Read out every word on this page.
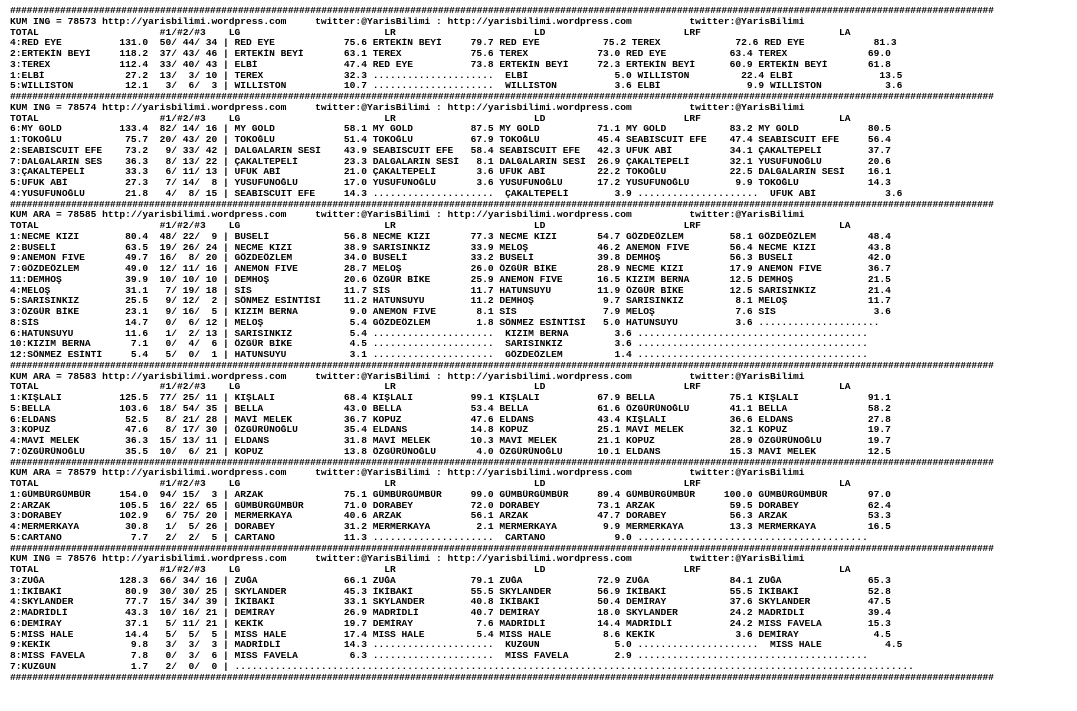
#################################################################################################################################################################################
KUM ING = 78573 http://yarisbilimi.wordpress.com     twitter:@YarisBilimi : http://yarisbilimi.wordpress.com          twitter:@YarisBilimi
TOTAL                     #1/#2/#3    LG                         LR                        LD                        LRF                        LA
4:RED EYE          131.0  50/ 44/ 34 | RED EYE            75.6 ERTEKİN BEYİ     79.7 RED EYE           75.2 TEREX             72.6 RED EYE            81.3
2:ERTEKİN BEYİ     118.2  37/ 43/ 46 | ERTEKİN BEYİ       63.1 TEREX            75.6 TEREX            73.0 RED EYE           63.4 TEREX              69.0
3:TEREX            112.4  33/ 40/ 43 | ELBİ               47.4 RED EYE          73.8 ERTEKİN BEYİ     72.3 ERTEKİN BEYİ      60.9 ERTEKİN BEYİ       61.8
1:ELBİ              27.2  13/  3/ 10 | TEREX              32.3 .....................  ELBİ               5.0 WILLISTON         22.4 ELBİ               13.5
5:WILLISTON         12.1   3/  6/  3 | WILLISTON          10.7 .....................  WILLISTON          3.6 ELBİ               9.9 WILLISTON           3.6
#################################################################################################################################################################################
KUM ING = 78574 http://yarisbilimi.wordpress.com     twitter:@YarisBilimi : http://yarisbilimi.wordpress.com          twitter:@YarisBilimi
TOTAL                     #1/#2/#3    LG                         LR                        LD                        LRF                        LA
6:MY GOLD          133.4  82/ 14/ 16 | MY GOLD            58.1 MY GOLD          87.5 MY GOLD          71.1 MY GOLD           83.2 MY GOLD            80.5
1:TOKOĞLU           75.7  20/ 43/ 20 | TOKOĞLU            51.4 TOKOĞLU          67.9 TOKOĞLU          45.4 SEABISCUIT EFE    47.4 SEABISCUIT EFE     56.4
2:SEABISCUIT EFE    73.2   9/ 33/ 42 | DALGALARIN SESİ    43.9 SEABISCUIT EFE   58.4 SEABISCUIT EFE   42.3 UFUK ABİ          34.1 ÇAKALTEPELİ        37.7
7:DALGALARIN SES    36.3   8/ 13/ 22 | ÇAKALTEPELİ        23.3 DALGALARIN SESİ   8.1 DALGALARIN SESİ  26.9 ÇAKALTEPELİ       32.1 YUSUFUNOĞLU        20.6
3:ÇAKALTEPELİ       33.3   6/ 11/ 13 | UFUK ABİ           21.0 ÇAKALTEPELİ       3.6 UFUK ABİ         22.2 TOKOĞLU           22.5 DALGALARIN SESİ    16.1
5:UFUK ABİ          27.3   7/ 14/  8 | YUSUFUNOĞLU        17.0 YUSUFUNOĞLU       3.6 YUSUFUNOĞLU      17.2 YUSUFUNOĞLU        9.9 TOKOĞLU            14.3
4:YUSUFUNOĞLU       21.8   4/  8/ 15 | SEABISCUIT EFE     14.3 .....................  ÇAKALTEPELİ        3.9 .....................  UFUK ABİ            3.6
#################################################################################################################################################################################
KUM ARA = 78585 http://yarisbilimi.wordpress.com     twitter:@YarisBilimi : http://yarisbilimi.wordpress.com          twitter:@YarisBilimi
TOTAL                     #1/#2/#3    LG                         LR                        LD                        LRF                        LA
1:NECME KIZI        80.4  48/ 22/  9 | BUSELİ             56.8 NECME KIZI       77.3 NECME KIZI       54.7 GÖZDEÖZLEM        58.1 GÖZDEÖZLEM         48.4
2:BUSELİ            63.5  19/ 26/ 24 | NECME KIZI         38.9 SARISINKIZ       33.9 MELOŞ            46.2 ANEMON FIVE       56.4 NECME KIZI         43.8
9:ANEMON FIVE       49.7  16/  8/ 20 | GÖZDEÖZLEM         34.0 BUSELİ           33.2 BUSELİ           39.8 DEMHOŞ            56.3 BUSELİ             42.0
7:GÖZDEÖZLEM        49.0  12/ 11/ 16 | ANEMON FIVE        28.7 MELOŞ            26.0 ÖZGÜR BİKE       28.9 NECME KIZI        17.9 ANEMON FIVE        36.7
11:DEMHOŞ           39.9  10/ 10/ 10 | DEMHOŞ             20.6 ÖZGÜR BİKE       25.9 ANEMON FIVE      16.5 KIZIM BERNA       12.5 DEMHOŞ             21.5
4:MELOŞ             31.1   7/ 19/ 18 | SİS                11.7 SİS              11.7 HATUNSUYU        11.9 ÖZGÜR BİKE        12.5 SARISINKIZ         21.4
5:SARISINKIZ        25.5   9/ 12/  2 | SÖNMEZ ESİNTİSİ    11.2 HATUNSUYU        11.2 DEMHOŞ            9.7 SARISINKIZ         8.1 MELOŞ              11.7
3:ÖZGÜR BİKE        23.1   9/ 16/  5 | KIZIM BERNA         9.0 ANEMON FIVE       8.1 SİS               7.9 MELOŞ              7.6 SİS                 3.6
8:SİS               14.7   0/  6/ 12 | MELOŞ               5.4 GÖZDEÖZLEM        1.8 SÖNMEZ ESİNTİSİ   5.0 HATUNSUYU          3.6 .....................
6:HATUNSUYU         11.6   1/  2/ 13 | SARISINKIZ          5.4 .....................  KIZIM BERNA        3.6 ........................................
10:KIZIM BERNA       7.1   0/  4/  6 | ÖZGÜR BİKE          4.5 .....................  SARISINKIZ         3.6 ........................................
12:SÖNMEZ ESİNTİ     5.4   5/  0/  1 | HATUNSUYU           3.1 .....................  GÖZDEÖZLEM         1.4 ........................................
#################################################################################################################################################################################
KUM ARA = 78583 http://yarisbilimi.wordpress.com     twitter:@YarisBilimi : http://yarisbilimi.wordpress.com          twitter:@YarisBilimi
TOTAL                     #1/#2/#3    LG                         LR                        LD                        LRF                        LA
1:KIŞLALI          125.5  77/ 25/ 11 | KIŞLALI            68.4 KIŞLALI          99.1 KIŞLALI          67.9 BELLA             75.1 KIŞLALI            91.1
5:BELLA            103.6  18/ 54/ 35 | BELLA              43.0 BELLA            53.4 BELLA            61.6 ÖZGÜRÜNOĞLU       41.1 BELLA              58.2
6:ELDANS            52.5   8/ 21/ 28 | MAVİ MELEK         36.7 KOPUZ            47.6 ELDANS           43.4 KIŞLALI           36.6 ELDANS             27.8
3:KOPUZ             47.6   8/ 17/ 30 | ÖZGÜRÜNOĞLU        35.4 ELDANS           14.8 KOPUZ            25.1 MAVİ MELEK        32.1 KOPUZ              19.7
4:MAVİ MELEK        36.3  15/ 13/ 11 | ELDANS             31.8 MAVİ MELEK       10.3 MAVİ MELEK       21.1 KOPUZ             28.9 ÖZGÜRÜNOĞLU        19.7
7:ÖZGÜRÜNOĞLU       35.5  10/  6/ 21 | KOPUZ              13.8 ÖZGÜRÜNOĞLU       4.0 ÖZGÜRÜNOĞLU      10.1 ELDANS            15.3 MAVİ MELEK         12.5
#################################################################################################################################################################################
KUM ARA = 78579 http://yarisbilimi.wordpress.com     twitter:@YarisBilimi : http://yarisbilimi.wordpress.com          twitter:@YarisBilimi
TOTAL                     #1/#2/#3    LG                         LR                        LD                        LRF                        LA
1:GÜMBÜRGÜMBÜR     154.0  94/ 15/  3 | ARZAK              75.1 GÜMBÜRGÜMBÜR     99.0 GÜMBÜRGÜMBÜR     89.4 GÜMBÜRGÜMBÜR     100.0 GÜMBÜRGÜMBÜR       97.0
2:ARZAK            105.5  16/ 22/ 65 | GÜMBÜRGÜMBÜR       71.0 DORABEY          72.0 DORABEY          73.1 ARZAK             59.5 DORABEY            62.4
3:DORABEY          102.9   6/ 75/ 20 | MERMERKAYA         40.6 ARZAK            56.1 ARZAK            47.7 DORABEY           56.3 ARZAK              53.3
4:MERMERKAYA        30.8   1/  5/ 26 | DORABEY            31.2 MERMERKAYA        2.1 MERMERKAYA        9.9 MERMERKAYA        13.3 MERMERKAYA         16.5
5:CARTANO            7.7   2/  2/  5 | CARTANO            11.3 .....................  CARTANO            9.0 ........................................
#################################################################################################################################################################################
KUM ING = 78576 http://yarisbilimi.wordpress.com     twitter:@YarisBilimi : http://yarisbilimi.wordpress.com          twitter:@YarisBilimi
TOTAL                     #1/#2/#3    LG                         LR                        LD                        LRF                        LA
3:ZUĞA             128.3  66/ 34/ 16 | ZUĞA               66.1 ZUĞA             79.1 ZUĞA             72.9 ZUĞA              84.1 ZUĞA               65.3
1:İKİBAKİ           80.9  30/ 30/ 25 | SKYLANDER          45.3 İKİBAKİ          55.5 SKYLANDER        56.9 İKİBAKİ           55.5 İKİBAKİ            52.8
4:SKYLANDER         77.7  15/ 34/ 39 | İKİBAKİ            33.1 SKYLANDER        40.8 İKİBAKİ          50.4 DEMİRAY           37.6 SKYLANDER          47.5
2:MADRİDLİ          43.3  10/ 16/ 21 | DEMİRAY            26.9 MADRİDLİ         40.7 DEMİRAY          18.0 SKYLANDER         24.2 MADRİDLİ           39.4
6:DEMİRAY           37.1   5/ 11/ 21 | KEKİK              19.7 DEMİRAY           7.6 MADRİDLİ         14.4 MADRİDLİ          24.2 MISS FAVELA        15.3
5:MISS HALE         14.4   5/  5/  5 | MISS HALE          17.4 MISS HALE         5.4 MISS HALE         8.6 KEKİK              3.6 DEMİRAY             4.5
9:KEKİK              9.8   3/  3/  3 | MADRİDLİ           14.3 .....................  KUZGUN             5.0 .....................  MISS HALE           4.5
8:MISS FAVELA        7.8   0/  3/  6 | MISS FAVELA         6.3 .....................  MISS FAVELA        2.9 ........................................
7:KUZGUN             1.7   2/  0/  0 | ......................................................................................................................
#################################################################################################################################################################################
